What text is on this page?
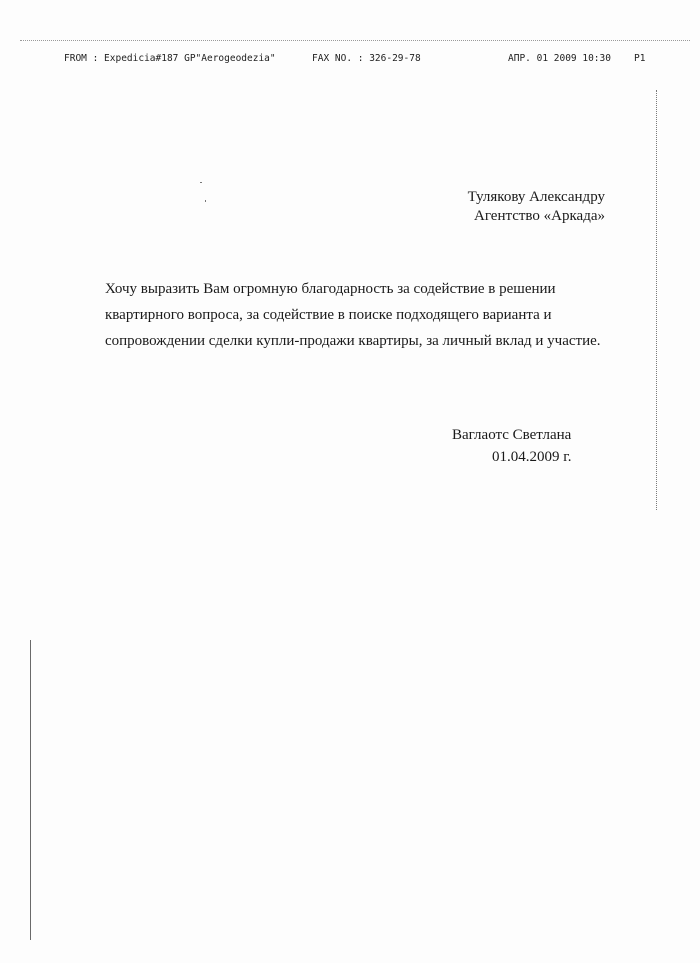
FROM : Expedicia#187 GP"Aerogeodezia"	FAX NO. : 326-29-78	АПР. 01 2009 10:30 P1
Тулякову Александру
Агентство «Аркада»
Хочу выразить Вам огромную благодарность за содействие в решении
квартирного вопроса, за содействие в поиске подходящего варианта и
сопровождении сделки купли-продажи квартиры, за личный вклад и участие.
Ваглаотс Светлана
01.04.2009 г.
